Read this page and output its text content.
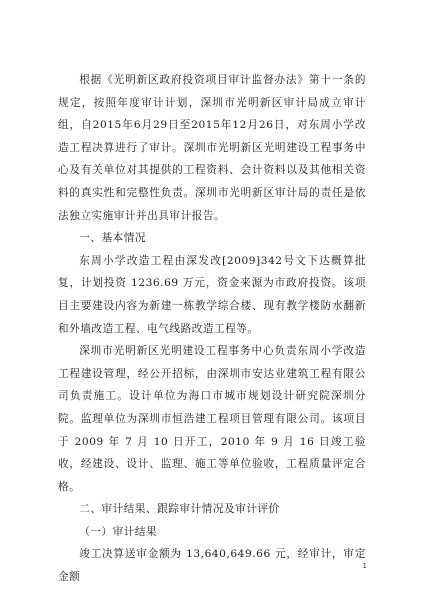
根据《光明新区政府投资项目审计监督办法》第十一条的规定，按照年度审计计划，深圳市光明新区审计局成立审计组，自2015年6月29日至2015年12月26日，对东周小学改造工程决算进行了审计。深圳市光明新区光明建设工程事务中心及有关单位对其提供的工程资料、会计资料以及其他相关资料的真实性和完整性负责。深圳市光明新区审计局的责任是依法独立实施审计并出具审计报告。

一、基本情况

东周小学改造工程由深发改[2009]342号文下达概算批复，计划投资 1236.69 万元，资金来源为市政府投资。该项目主要建设内容为新建一栋教学综合楼、现有教学楼防水翻新和外墙改造工程、电气线路改造工程等。

深圳市光明新区光明建设工程事务中心负责东周小学改造工程建设管理，经公开招标，由深圳市安达业建筑工程有限公司负责施工。设计单位为海口市城市规划设计研究院深圳分院。监理单位为深圳市恒浩建工程项目管理有限公司。该项目于 2009 年 7 月 10 日开工，2010 年 9 月 16 日竣工验收，经建设、设计、监理、施工等单位验收，工程质量评定合格。

二、审计结果、跟踪审计情况及审计评价

（一）审计结果

竣工决算送审金额为 13,640,649.66 元，经审计，审定金额

1
